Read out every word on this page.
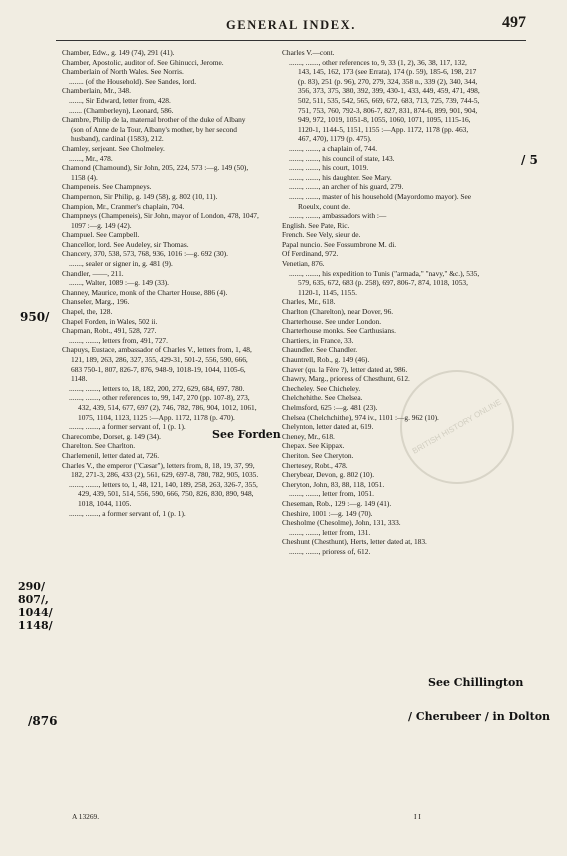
GENERAL INDEX.	497
BRITISH HISTORY ONLINE

Chamber, Edw., g. 149 (74), 291 (41).

Chamber, Apostolic, auditor of. See Ghinucci, Jerome.

Chamberlain of North Wales. See Norris.

........ (of the Household). See Sandes, lord.

Chamberlain, Mr., 348.

......., Sir Edward, letter from, 428.

....... (Chamberleyn), Leonard, 586.

Chambre, Philip de la, maternal brother of the duke of Albany (son of Anne de la Tour, Albany's mother, by her second husband), cardinal (1583), 212.

Chamley, serjeant. See Cholmeley.

......., Mr., 478.

Chamond (Chamound), Sir John, 205, 224, 573 :—g. 149 (50), 1158 (4).

Champeneis. See Champneys.

Champernon, Sir Philip, g. 149 (58), g. 802 (10, 11).

Champion, Mr., Cranmer's chaplain, 704.

Champneys (Champeneis), Sir John, mayor of London, 478, 1047, 1097 :—g. 149 (42).

Champuel. See Campbell.

Chancellor, lord. See Audeley, sir Thomas.

Chancery, 370, 538, 573, 768, 936, 1016 :—g. 692 (30).

......., sealer or signer in, g. 481 (9).

Chandler, ——, 211.

......., Walter, 1089 :—g. 149 (33).

Channey, Maurice, monk of the Charter House, 886 (4).

Chanseler, Marg., 196.

Chapel, the, 128.

Chapel Forden, in Wales, 502 ii.

Chapman, Robt., 491, 528, 727.

......., ......., letters from, 491, 727.

Chapuys, Eustace, ambassador of Charles V., letters from, 1, 48, 121, 189, 263, 286, 327, 355, 429-31, 501-2, 556, 590, 666, 683 750-1, 807, 826-7, 876, 948-9, 1018-19, 1044, 1105-6, 1148.

......., ......., letters to, 18, 182, 200, 272, 629, 684, 697, 780.

......., ......., other references to, 99, 147, 270 (pp. 107-8), 273, 432, 439, 514, 677, 697 (2), 746, 782, 786, 904, 1012, 1061, 1075, 1104, 1123, 1125 :—App. 1172, 1178 (p. 470).

......., ......., a former servant of, 1 (p. 1).

Charecombe, Dorset, g. 149 (34).

Charelton. See Charlton.

Charlemenil, letter dated at, 726.

Charles V., the emperor ("Cæsar"), letters from, 8, 18, 19, 37, 99, 182, 271-3, 286, 433 (2), 561, 629, 697-8, 780, 782, 905, 1035.

......., ......., letters to, 1, 48, 121, 140, 189, 258, 263, 326-7, 355, 429, 439, 501, 514, 556, 590, 666, 750, 826, 830, 890, 948, 1018, 1044, 1105.

......., ......., a former servant of, 1 (p. 1).

Charles V.—cont.

......., ......., other references to, 9, 33 (1, 2), 36, 38, 117, 132, 143, 145, 162, 173 (see Errata), 174 (p. 59), 185-6, 198, 217 (p. 83), 251 (p. 96), 270, 279, 324, 358 n., 339 (2), 340, 344, 356, 373, 375, 380, 392, 399, 430-1, 433, 449, 459, 471, 498, 502, 511, 535, 542, 565, 669, 672, 683, 713, 725, 739, 744-5, 751, 753, 760, 792-3, 806-7, 827, 831, 874-6, 899, 901, 904, 949, 972, 1019, 1051-8, 1055, 1060, 1071, 1095, 1115-16, 1120-1, 1144-5, 1151, 1155 :—App. 1172, 1178 (pp. 463, 467, 470), 1179 (p. 475).

......., ......., a chaplain of, 744.

......., ......., his council of state, 143.

......., ......., his court, 1019.

......., ......., his daughter. See Mary.

......., ......., an archer of his guard, 279.

......., ......., master of his household (Mayordomo mayor). See Roeulx, count de.

......., ......., ambassadors with :—

English. See Pate, Ric.

French. See Vely, sieur de.

Papal nuncio. See Fossumbrone M. di.

Of Ferdinand, 972.

Venetian, 876.

......., ......., his expedition to Tunis ("armada," "navy," &c.), 535, 579, 635, 672, 683 (p. 258), 697, 806-7, 874, 1018, 1053, 1120-1, 1145, 1155.

Charles, Mr., 618.

Charlton (Charelton), near Dover, 96.

Charterhouse. See under London.

Charterhouse monks. See Carthusians.

Chartiers, in France, 33.

Chaundler. See Chandler.

Chauntrell, Rob., g. 149 (46).

Chaver (qu. la Fère ?), letter dated at, 986.

Chawry, Marg., prioress of Chesthunt, 612.

Checheley. See Chicheley.

Chelchehithe. See Chelsea.

Chelmsford, 625 :—g. 481 (23).

Chelsea (Chelchchithe), 974 iv., 1101 :—g. 962 (10).

Chelynton, letter dated at, 619.

Cheney, Mr., 618.

Chepax. See Kippax.

Cheriton. See Cheryton.

Chertesey, Robt., 478.

Cherybear, Devon, g. 802 (10).

Cheryton, John, 83, 88, 118, 1051.

......., ......., letter from, 1051.

Cheseman, Rob., 129 :—g. 149 (41).

Cheshire, 1001 :—g. 149 (70).

Chesholme (Chesolme), John, 131, 333.

......., ......., letter from, 131.

Cheshunt (Chesthunt), Herts, letter dated at, 183.

......., ......., prioress of, 612.

950/
290/ 807/, 1044/ 1148/
/876
/ 5
See Forden
See Chillington
/ Cherubeer / in Dolton
A 13269.	I I
